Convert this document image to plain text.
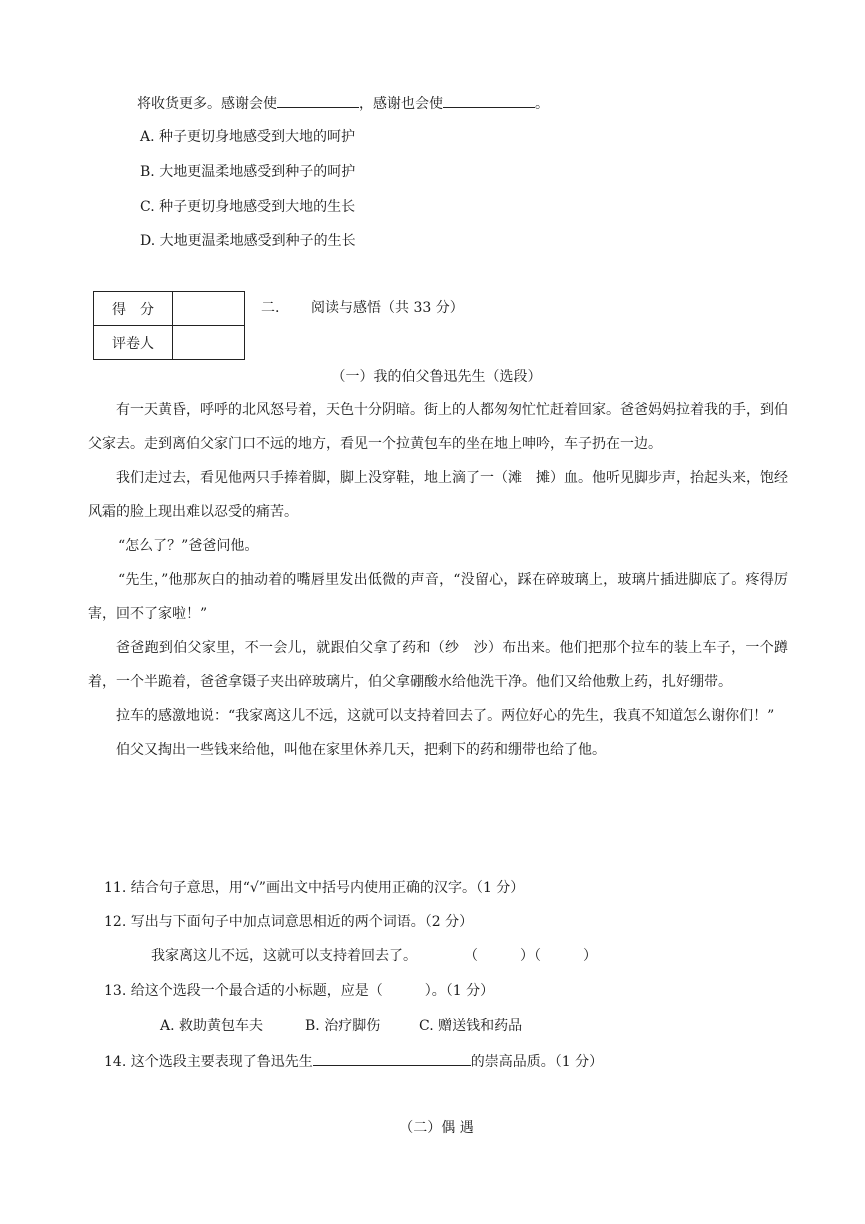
将收货更多。感谢会使	，感谢也会使	。
A. 种子更切身地感受到大地的呵护
B. 大地更温柔地感受到种子的呵护
C. 种子更切身地感受到大地的生长
D. 大地更温柔地感受到种子的生长
得　分	
评卷人	
二. 阅读与感悟（共 33 分）
（一）我的伯父鲁迅先生（选段）

有一天黄昏，呼呼的北风怒号着，天色十分阴暗。街上的人都匆匆忙忙赶着回家。爸爸妈妈拉着我的手，到伯父家去。走到离伯父家门口不远的地方，看见一个拉黄包车的坐在地上呻吟，车子扔在一边。

我们走过去，看见他两只手捧着脚，脚上没穿鞋，地上滴了一（滩　摊）血。他听见脚步声，抬起头来，饱经风霜的脸上现出难以忍受的痛苦。

“怎么了？”爸爸问他。

“先生，”他那灰白的抽动着的嘴唇里发出低微的声音，“没留心，踩在碎玻璃上，玻璃片插进脚底了。疼得厉害，回不了家啦！”

爸爸跑到伯父家里，不一会儿，就跟伯父拿了药和（纱　沙）布出来。他们把那个拉车的装上车子，一个蹲着，一个半跪着，爸爸拿镊子夹出碎玻璃片，伯父拿硼酸水给他洗干净。他们又给他敷上药，扎好绷带。

拉车的感激地说：“我家离这儿不远，这就可以支持着回去了。两位好心的先生，我真不知道怎么谢你们！”

伯父又掏出一些钱来给他，叫他在家里休养几天，把剩下的药和绷带也给了他。

11. 结合句子意思，用“√”画出文中括号内使用正确的汉字。（1 分）
12. 写出与下面句子中加点词意思相近的两个词语。（2 分）
我家离这儿不远，这就可以支持着回去了。	（　　　）（　　　）
13. 给这个选段一个最合适的小标题，应是（　　　）。（1 分）
A. 救助黄包车夫	B. 治疗脚伤	C. 赠送钱和药品
14. 这个选段主要表现了鲁迅先生	的崇高品质。（1 分）
（二）偶 遇
